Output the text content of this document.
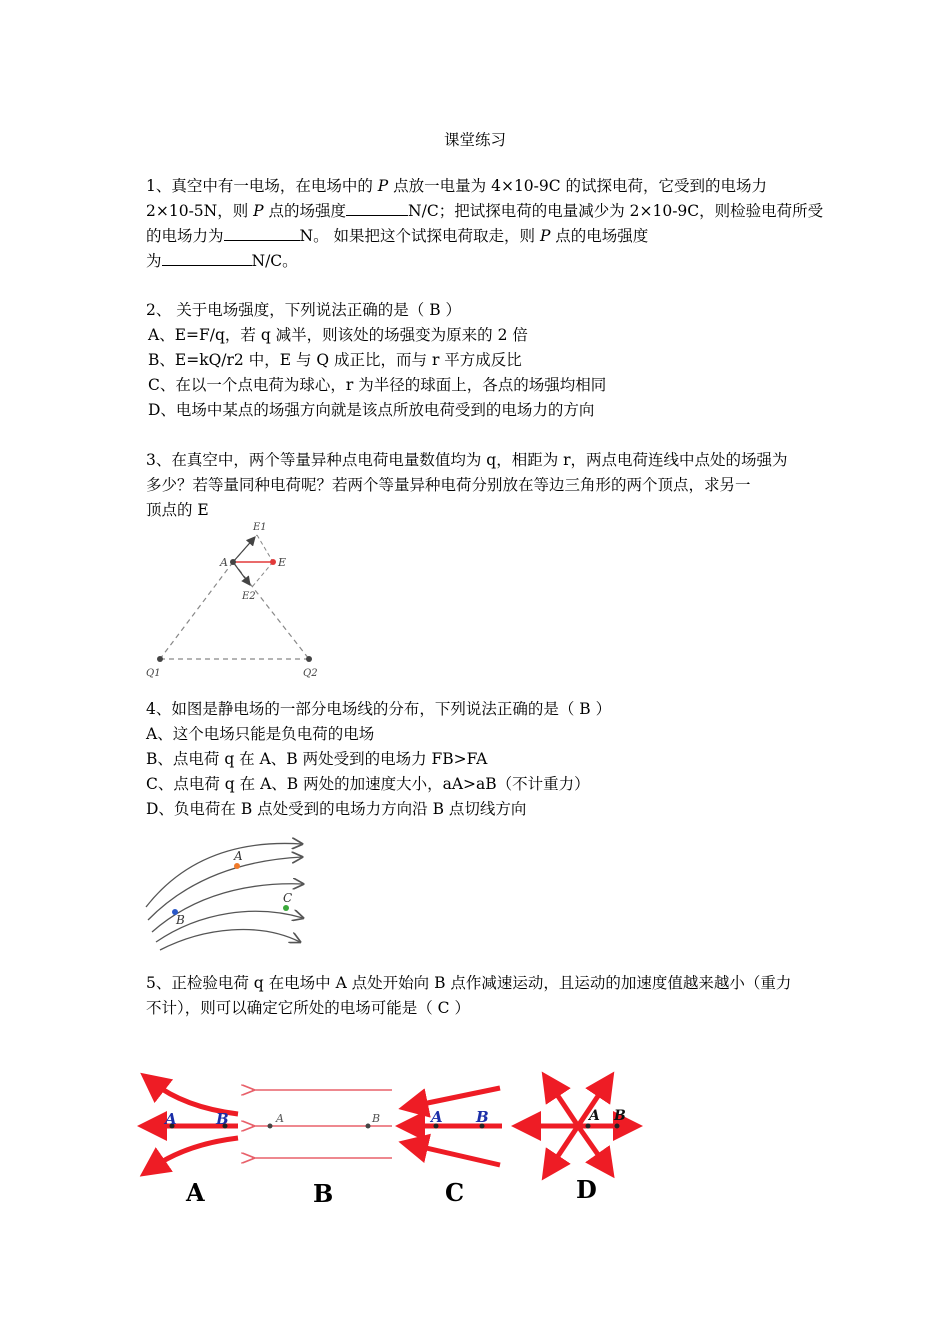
课堂练习
1、真空中有一电场，在电场中的 P 点放一电量为 4×10-9C 的试探电荷，它受到的电场力
2×10-5N，则 P 点的场强度	N/C；把试探电荷的电量减少为 2×10-9C，则检验电荷所受
的电场力为	N。 如果把这个试探电荷取走，则 P 点的电场强度
为	N/C。
2、 关于电场强度，下列说法正确的是（ B ）
A、E=F/q，若 q 减半，则该处的场强变为原来的 2 倍
B、E=kQ/r2 中，E 与 Q 成正比，而与 r 平方成反比
C、在以一个点电荷为球心，r 为半径的球面上，各点的场强均相同
D、电场中某点的场强方向就是该点所放电荷受到的电场力的方向
3、在真空中，两个等量异种点电荷电量数值均为 q，相距为 r，两点电荷连线中点处的场强为
多少？若等量同种电荷呢？若两个等量异种电荷分别放在等边三角形的两个顶点，求另一
顶点的 E
A	E
E1
E2
Q1	Q2
4、如图是静电场的一部分电场线的分布，下列说法正确的是（ B ）
A、这个电场只能是负电荷的电场
B、点电荷 q 在 A、B 两处受到的电场力 FB>FA
C、点电荷 q 在 A、B 两处的加速度大小，aA>aB（不计重力）
D、负电荷在 B 点处受到的电场力方向沿 B 点切线方向
A
B
C
5、正检验电荷 q 在电场中 A 点处开始向 B 点作减速运动，且运动的加速度值越来越小（重力
不计），则可以确定它所处的电场可能是（ C ）
A	B
A
A	B
B
A B
C
A B
D
